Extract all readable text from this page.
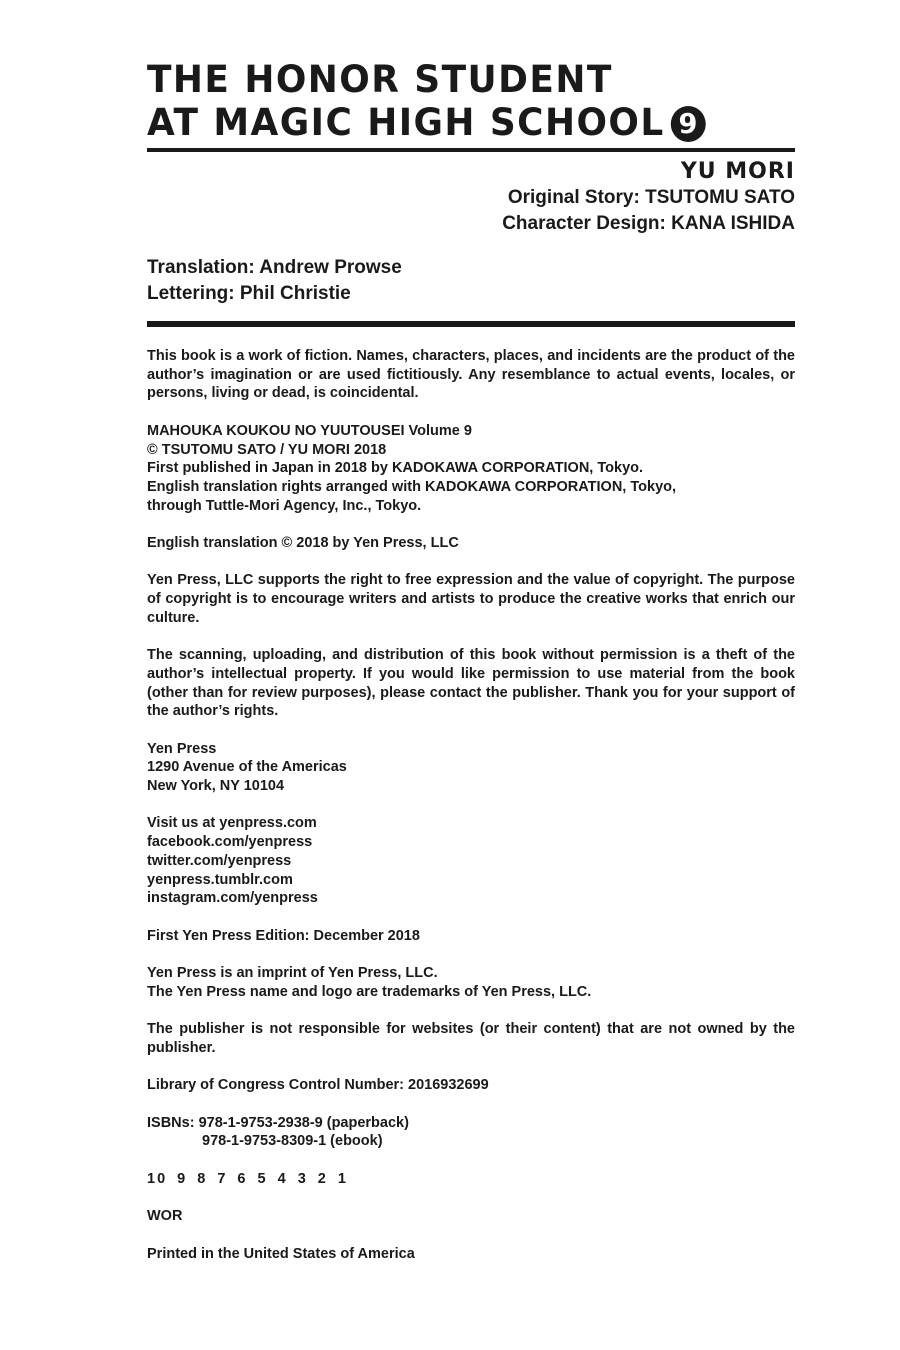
THE HONOR STUDENT
AT MAGIC HIGH SCHOOL 9
YU MORI
Original Story: TSUTOMU SATO
Character Design: KANA ISHIDA
Translation: Andrew Prowse
Lettering: Phil Christie

This book is a work of fiction. Names, characters, places, and incidents are the product of the author’s imagination or are used fictitiously. Any resemblance to actual events, locales, or persons, living or dead, is coincidental.

MAHOUKA KOUKOU NO YUUTOUSEI Volume 9
© TSUTOMU SATO / YU MORI 2018
First published in Japan in 2018 by KADOKAWA CORPORATION, Tokyo.
English translation rights arranged with KADOKAWA CORPORATION, Tokyo,
through Tuttle-Mori Agency, Inc., Tokyo.

English translation © 2018 by Yen Press, LLC

Yen Press, LLC supports the right to free expression and the value of copyright. The purpose of copyright is to encourage writers and artists to produce the creative works that enrich our culture.

The scanning, uploading, and distribution of this book without permission is a theft of the author’s intellectual property. If you would like permission to use material from the book (other than for review purposes), please contact the publisher. Thank you for your support of the author’s rights.

Yen Press
1290 Avenue of the Americas
New York, NY 10104
Visit us at yenpress.com
facebook.com/yenpress
twitter.com/yenpress
yenpress.tumblr.com
instagram.com/yenpress

First Yen Press Edition: December 2018

Yen Press is an imprint of Yen Press, LLC.
The Yen Press name and logo are trademarks of Yen Press, LLC.

The publisher is not responsible for websites (or their content) that are not owned by the publisher.

Library of Congress Control Number: 2016932699

ISBNs: 978-1-9753-2938-9 (paperback)
978-1-9753-8309-1 (ebook)

10 9 8 7 6 5 4 3 2 1

WOR

Printed in the United States of America
